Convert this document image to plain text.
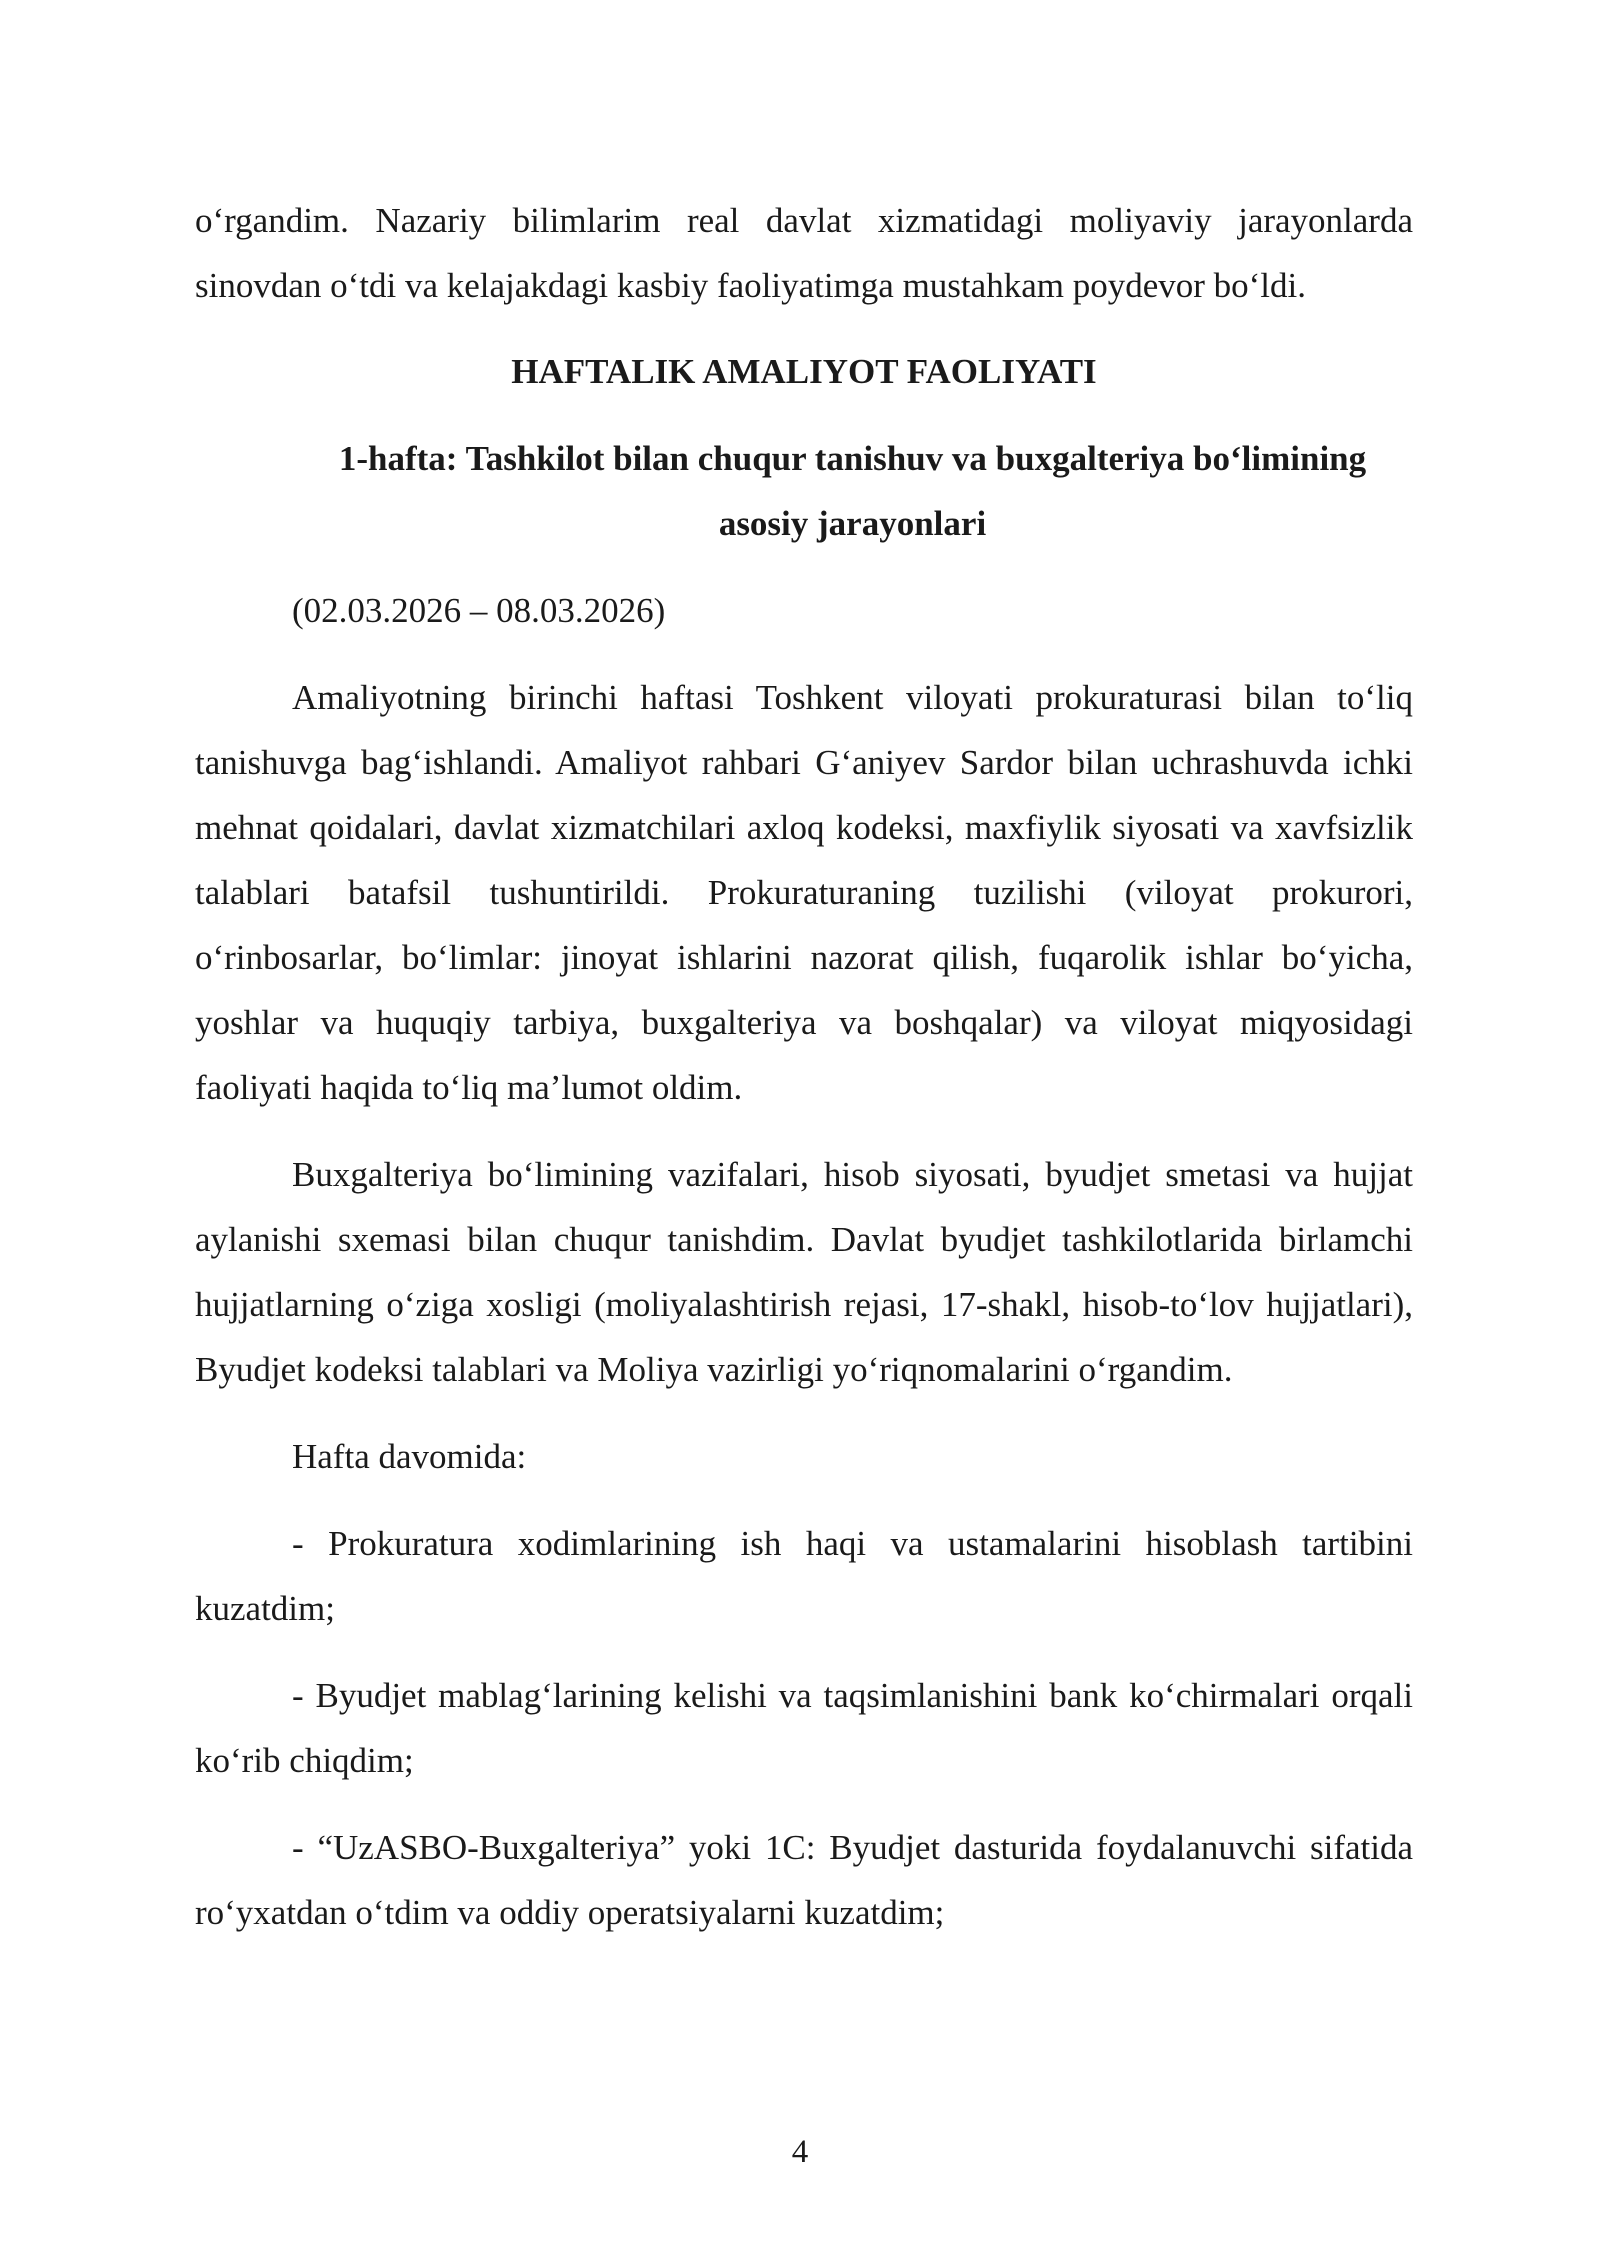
o‘rgandim. Nazariy bilimlarim real davlat xizmatidagi moliyaviy jarayonlarda sinovdan o‘tdi va kelajakdagi kasbiy faoliyatimga mustahkam poydevor bo‘ldi.

HAFTALIK AMALIYOT FAOLIYATI

1-hafta: Tashkilot bilan chuqur tanishuv va buxgalteriya bo‘limining asosiy jarayonlari

(02.03.2026 – 08.03.2026)

Amaliyotning birinchi haftasi Toshkent viloyati prokuraturasi bilan to‘liq tanishuvga bag‘ishlandi. Amaliyot rahbari G‘aniyev Sardor bilan uchrashuvda ichki mehnat qoidalari, davlat xizmatchilari axloq kodeksi, maxfiylik siyosati va xavfsizlik talablari batafsil tushuntirildi. Prokuraturaning tuzilishi (viloyat prokurori, o‘rinbosarlar, bo‘limlar: jinoyat ishlarini nazorat qilish, fuqarolik ishlar bo‘yicha, yoshlar va huquqiy tarbiya, buxgalteriya va boshqalar) va viloyat miqyosidagi faoliyati haqida to‘liq ma’lumot oldim.

Buxgalteriya bo‘limining vazifalari, hisob siyosati, byudjet smetasi va hujjat aylanishi sxemasi bilan chuqur tanishdim. Davlat byudjet tashkilotlarida birlamchi hujjatlarning o‘ziga xosligi (moliyalashtirish rejasi, 17-shakl, hisob-to‘lov hujjatlari), Byudjet kodeksi talablari va Moliya vazirligi yo‘riqnomalarini o‘rgandim.

Hafta davomida:

- Prokuratura xodimlarining ish haqi va ustamalarini hisoblash tartibini kuzatdim;

- Byudjet mablag‘larining kelishi va taqsimlanishini bank ko‘chirmalari orqali ko‘rib chiqdim;

- “UzASBO-Buxgalteriya” yoki 1C: Byudjet dasturida foydalanuvchi sifatida ro‘yxatdan o‘tdim va oddiy operatsiyalarni kuzatdim;

4
